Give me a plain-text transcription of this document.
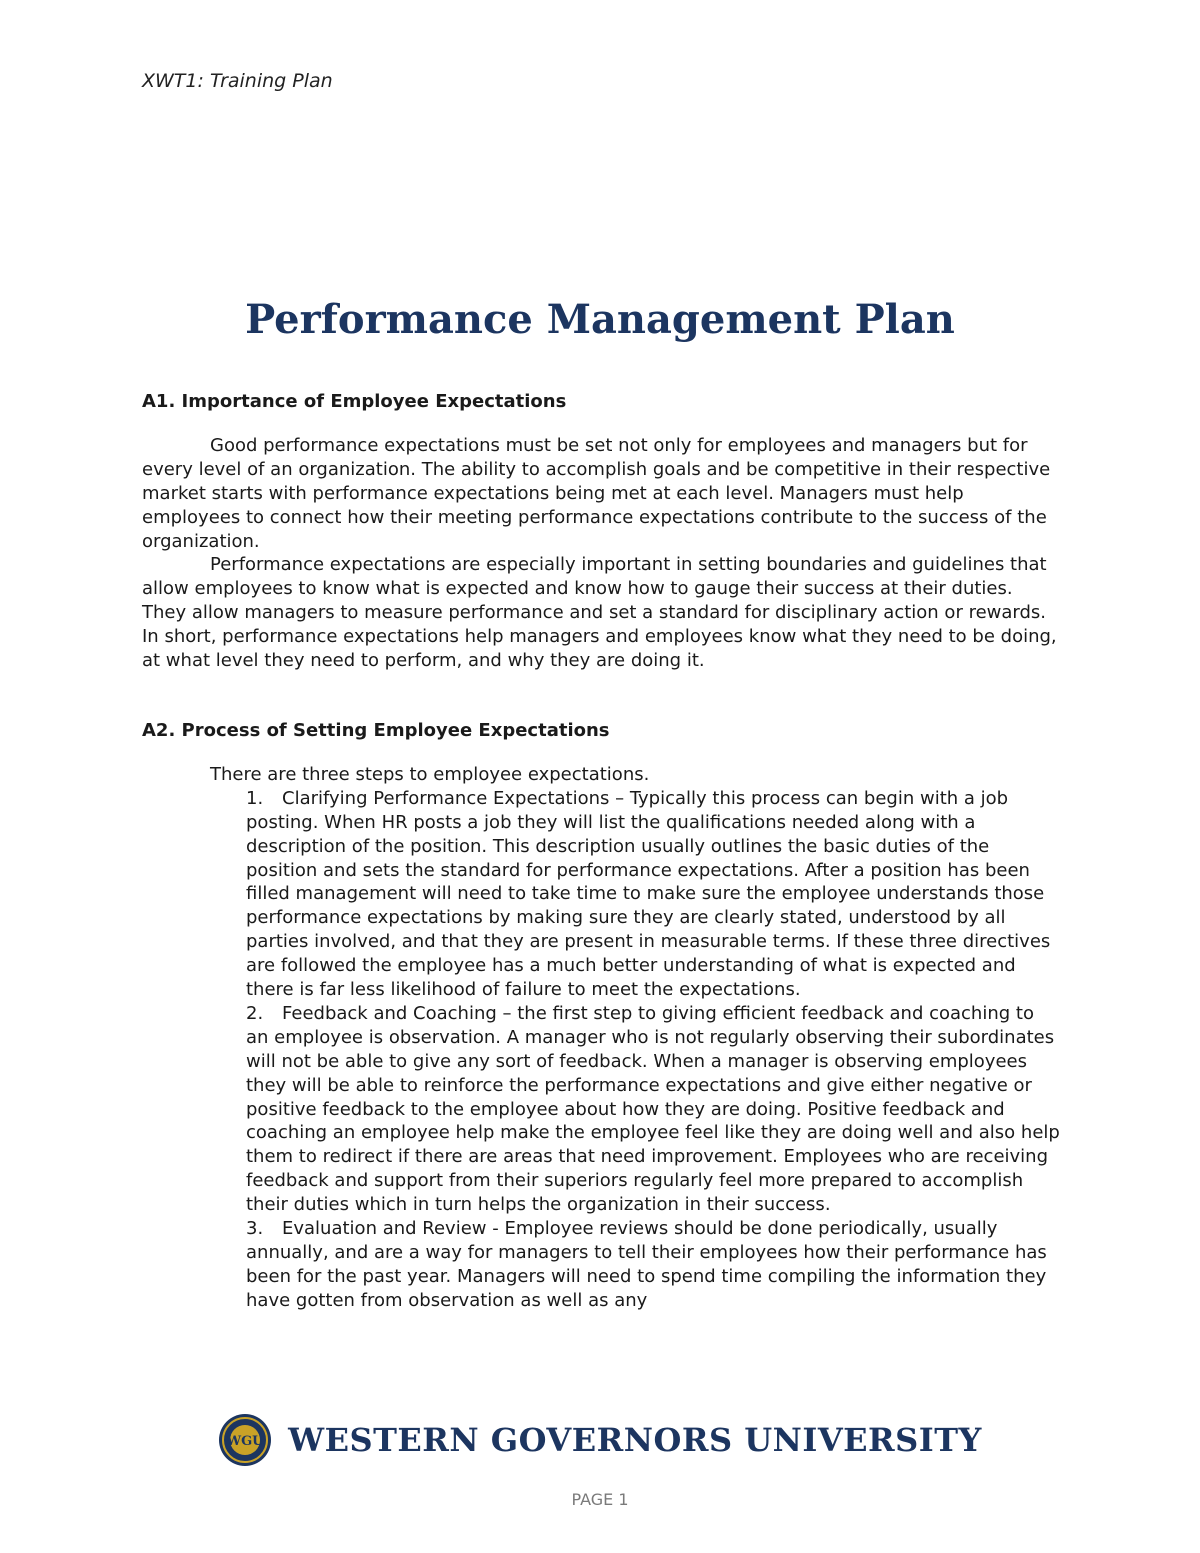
XWT1: Training Plan
Performance Management Plan

A1. Importance of Employee Expectations

Good performance expectations must be set not only for employees and managers but for every level of an organization. The ability to accomplish goals and be competitive in their respective market starts with performance expectations being met at each level. Managers must help employees to connect how their meeting performance expectations contribute to the success of the organization.

Performance expectations are especially important in setting boundaries and guidelines that allow employees to know what is expected and know how to gauge their success at their duties. They allow managers to measure performance and set a standard for disciplinary action or rewards. In short, performance expectations help managers and employees know what they need to be doing, at what level they need to perform, and why they are doing it.

A2. Process of Setting Employee Expectations

There are three steps to employee expectations.

1. Clarifying Performance Expectations – Typically this process can begin with a job posting. When HR posts a job they will list the qualifications needed along with a description of the position. This description usually outlines the basic duties of the position and sets the standard for performance expectations. After a position has been filled management will need to take time to make sure the employee understands those performance expectations by making sure they are clearly stated, understood by all parties involved, and that they are present in measurable terms. If these three directives are followed the employee has a much better understanding of what is expected and there is far less likelihood of failure to meet the expectations.
2. Feedback and Coaching – the first step to giving efficient feedback and coaching to an employee is observation. A manager who is not regularly observing their subordinates will not be able to give any sort of feedback. When a manager is observing employees they will be able to reinforce the performance expectations and give either negative or positive feedback to the employee about how they are doing. Positive feedback and coaching an employee help make the employee feel like they are doing well and also help them to redirect if there are areas that need improvement. Employees who are receiving feedback and support from their superiors regularly feel more prepared to accomplish their duties which in turn helps the organization in their success.
3. Evaluation and Review - Employee reviews should be done periodically, usually annually, and are a way for managers to tell their employees how their performance has been for the past year. Managers will need to spend time compiling the information they have gotten from observation as well as any
WGU WESTERN GOVERNORS UNIVERSITY
PAGE 1
